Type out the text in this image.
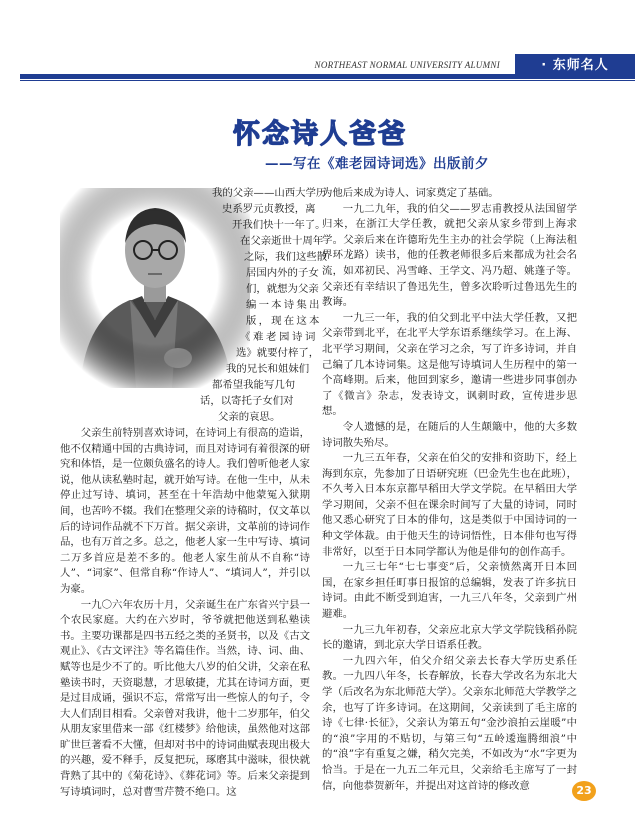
NORTHEAST NORMAL UNIVERSITY ALUMNI	· 东师名人
怀念诗人爸爸
——写在《难老园诗词选》出版前夕
我的父亲——山西大学历
史系罗元贞教授，离
开我们快十一年了。
在父亲逝世十周年
之际，我们这些散
居国内外的子女
们，就想为父亲
编一本诗集出
版，现在这本
《难老园诗词
选》就要付梓了，
我的兄长和姐妹们
都希望我能写几句
话，以寄托子女们对
父亲的哀思。

父亲生前特别喜欢诗词，在诗词上有很高的造诣，他不仅精通中国的古典诗词，而且对诗词有着很深的研究和体悟，是一位颇负盛名的诗人。我们曾听他老人家说，他从读私塾时起，就开始写诗。在他一生中，从未停止过写诗、填词，甚至在十年浩劫中他蒙冤入狱期间，也苦吟不辍。我们在整理父亲的诗稿时，仅文革以后的诗词作品就不下万首。据父亲讲，文革前的诗词作品，也有万首之多。总之，他老人家一生中写诗、填词二万多首应是差不多的。他老人家生前从不自称“诗人”、“词家”、但常自称“作诗人”、“填词人”，并引以为豪。

一九〇六年农历十月，父亲诞生在广东省兴宁县一个农民家庭。大约在六岁时，爷爷就把他送到私塾读书。主要功课都是四书五经之类的圣贤书，以及《古文观止》、《古文评注》等名篇佳作。当然，诗、词、曲、赋等也是少不了的。听比他大八岁的伯父讲，父亲在私塾读书时，天资聪慧，才思敏捷，尤其在诗词方面，更是过目成诵，强识不忘，常常写出一些惊人的句子，令大人们刮目相看。父亲曾对我讲，他十二岁那年，伯父从朋友家里借来一部《红楼梦》给他读，虽然他对这部旷世巨著看不大懂，但却对书中的诗词曲赋表现出极大的兴趣，爱不释手，反复把玩，琢磨其中滋味，很快就背熟了其中的《菊花诗》、《葬花词》等。后来父亲提到写诗填词时，总对曹雪芹赞不绝口。这

为他后来成为诗人、词家奠定了基础。

一九二九年，我的伯父——罗志甫教授从法国留学归来，在浙江大学任教，就把父亲从家乡带到上海求学。父亲后来在许德珩先生主办的社会学院（上海法租界环龙路）读书，他的任教老师很多后来都成为社会名流，如邓初民、冯雪峰、王学文、冯乃超、姚蓬子等。父亲还有幸结识了鲁迅先生，曾多次聆听过鲁迅先生的教诲。

一九三一年，我的伯父到北平中法大学任教，又把父亲带到北平，在北平大学东语系继续学习。在上海、北平学习期间，父亲在学习之余，写了许多诗词，并自己编了几本诗词集。这是他写诗填词人生历程中的第一个高峰期。后来，他回到家乡，邀请一些进步同事创办了《微言》杂志，发表诗文，讽刺时政，宣传进步思想。

令人遗憾的是，在随后的人生颠簸中，他的大多数诗词散失殆尽。

一九三五年春，父亲在伯父的安排和资助下，经上海到东京，先参加了日语研究班（巴金先生也在此班），不久考入日本东京都早稻田大学文学院。在早稻田大学学习期间，父亲不但在课余时间写了大量的诗词，同时他又悉心研究了日本的俳句，这是类似于中国诗词的一种文学体裁。由于他天生的诗词悟性，日本俳句也写得非常好，以至于日本同学都认为他是俳句的创作高手。

一九三七年“七七事变”后，父亲愤然离开日本回国，在家乡担任町事日报馆的总编辑，发表了许多抗日诗词。由此不断受到迫害，一九三八年冬，父亲到广州避难。

一九三九年初春，父亲应北京大学文学院钱稻孙院长的邀请，到北京大学日语系任教。

一九四六年，伯父介绍父亲去长春大学历史系任教。一九四八年冬，长春解放，长春大学改名为东北大学（后改名为东北师范大学）。父亲东北师范大学教学之余，也写了许多诗词。在这期间，父亲读到了毛主席的诗《七律·长征》，父亲认为第五句“金沙浪拍云崖暖”中的“浪”字用的不贴切，与第三句“五岭逶迤腾细浪”中的“浪”字有重复之嫌，稍欠完美，不如改为“水”字更为恰当。于是在一九五二年元旦，父亲给毛主席写了一封信，向他恭贺新年，并提出对这首诗的修改意	23
